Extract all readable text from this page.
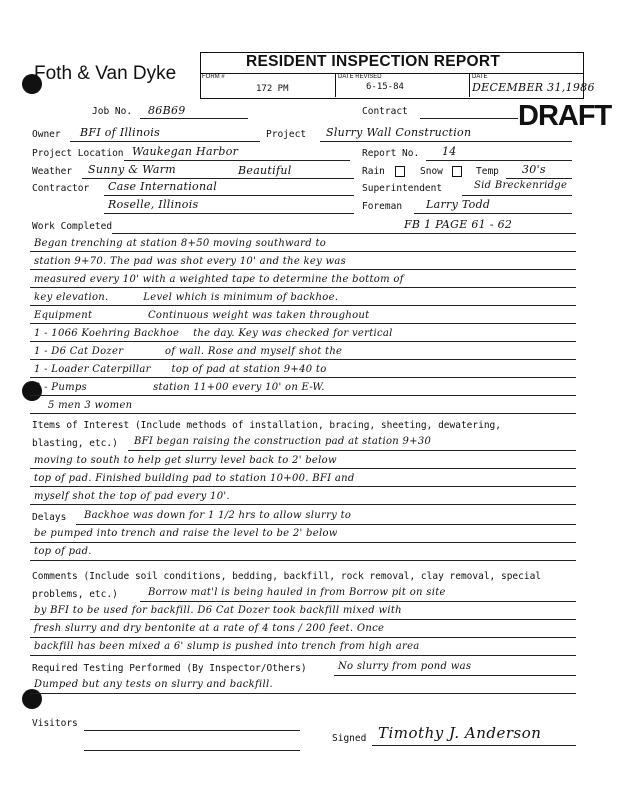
Foth & Van Dyke
RESIDENT INSPECTION REPORT
FORM #
172 PM
DATE REVISED
6-15-84
DATE
DECEMBER 31,1986
DRAFT
Job No. 86B69	Contract
Owner BFI of Illinois	Project Slurry Wall Construction
Project Location Waukegan Harbor	Report No. 14
Weather Sunny & Warm	Beautiful	Rain	Snow	Temp 30's
Contractor Case International
Roselle, Illinois
Superintendent	Sid Breckenridge
Foreman Larry Todd
Work Completed	FB 1 PAGE 61 - 62
Began trenching at station 8+50 moving southward to
station 9+70. The pad was shot every 10' and the key was
measured every 10' with a weighted tape to determine the bottom of
key elevation.          Level which is minimum of backhoe.
Equipment                Continuous weight was taken throughout
1 - 1066 Koehring Backhoe    the day. Key was checked for vertical
1 - D6 Cat Dozer            of wall. Rose and myself shot the
1 - Loader Caterpillar      top of pad at station 9+40 to
2 - Pumps                   station 11+00 every 10' on E-W.
5 men 3 women
Items of Interest (Include methods of installation, bracing, sheeting, dewatering,
blasting, etc.) BFI began raising the construction pad at station 9+30
moving to south to help get slurry level back to 2' below
top of pad. Finished building pad to station 10+00. BFI and
myself shot the top of pad every 10'.
Delays Backhoe was down for 1 1/2 hrs to allow slurry to
be pumped into trench and raise the level to be 2' below
top of pad.
Comments (Include soil conditions, bedding, backfill, rock removal, clay removal, special
problems, etc.)	Borrow mat'l is being hauled in from Borrow pit on site
by BFI to be used for backfill. D6 Cat Dozer took backfill mixed with
fresh slurry and dry bentonite at a rate of 4 tons / 200 feet. Once
backfill has been mixed a 6' slump is pushed into trench from high area
Required Testing Performed (By Inspector/Others)	No slurry from pond was
Dumped but any tests on slurry and backfill.
Visitors
Signed Timothy J. Anderson
